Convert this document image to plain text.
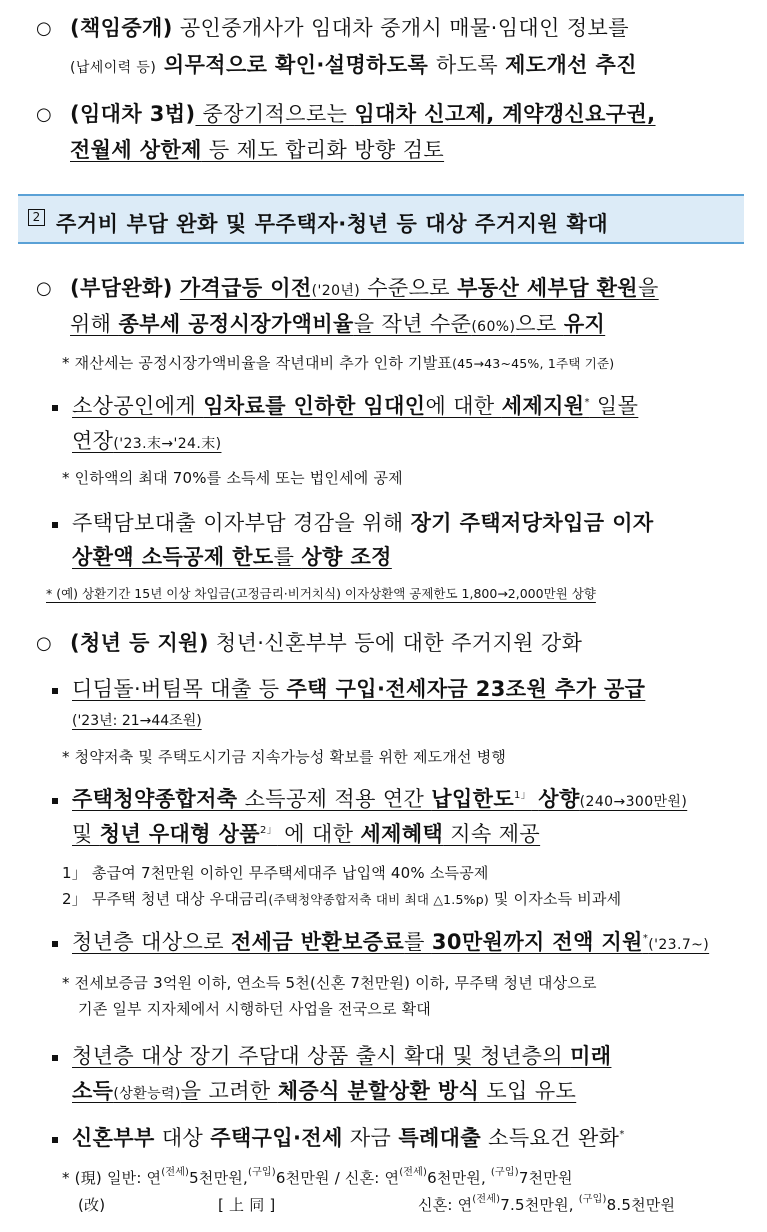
○ (책임중개) 공인중개사가 임대차 중개시 매물·임대인 정보를
(납세이력 등) 의무적으로 확인·설명하도록 하도록 제도개선 추진
○ (임대차 3법) 중장기적으로는 임대차 신고제, 계약갱신요구권,
전월세 상한제 등 제도 합리화 방향 검토
2 주거비 부담 완화 및 무주택자·청년 등 대상 주거지원 확대
○ (부담완화) 가격급등 이전('20년) 수준으로 부동산 세부담 환원을
위해 종부세 공정시장가액비율을 작년 수준(60%)으로 유지
* 재산세는 공정시장가액비율을 작년대비 추가 인하 기발표(45→43~45%, 1주택 기준)
소상공인에게 임차료를 인하한 임대인에 대한 세제지원* 일몰
연장('23.末→'24.末)
* 인하액의 최대 70%를 소득세 또는 법인세에 공제
주택담보대출 이자부담 경감을 위해 장기 주택저당차입금 이자
상환액 소득공제 한도를 상향 조정
* (예) 상환기간 15년 이상 차입금(고정금리·비거치식) 이자상환액 공제한도 1,800→2,000만원 상향
○ (청년 등 지원) 청년·신혼부부 등에 대한 주거지원 강화
디딤돌·버팀목 대출 등 주택 구입·전세자금 23조원 추가 공급
('23년: 21→44조원)
* 청약저축 및 주택도시기금 지속가능성 확보를 위한 제도개선 병행
주택청약종합저축 소득공제 적용 연간 납입한도$^{1」}$ 상향(240→300만원)
및 청년 우대형 상품$^{2」}$ 에 대한 세제혜택 지속 제공
1」 총급여 7천만원 이하인 무주택세대주 납입액 40% 소득공제
2」 무주택 청년 대상 우대금리(주택청약종합저축 대비 최대 △1.5%p) 및 이자소득 비과세
청년층 대상으로 전세금 반환보증료를 30만원까지 전액 지원*('23.7~)
* 전세보증금 3억원 이하, 연소득 5천(신혼 7천만원) 이하, 무주택 청년 대상으로
기존 일부 지자체에서 시행하던 사업을 전국으로 확대
청년층 대상 장기 주담대 상품 출시 확대 및 청년층의 미래
소득(상환능력)을 고려한 체증식 분할상환 방식 도입 유도
신혼부부 대상 주택구입·전세 자금 특례대출 소득요건 완화*
* (現) 일반: 연$^{(전세)}$5천만원,$^{(구입)}$6천만원 / 신혼: 연$^{(전세)}$6천만원, $^{(구입)}$7천만원
(改)	[ 上 同 ]	신혼: 연$^{(전세)}$7.5천만원, $^{(구입)}$8.5천만원
